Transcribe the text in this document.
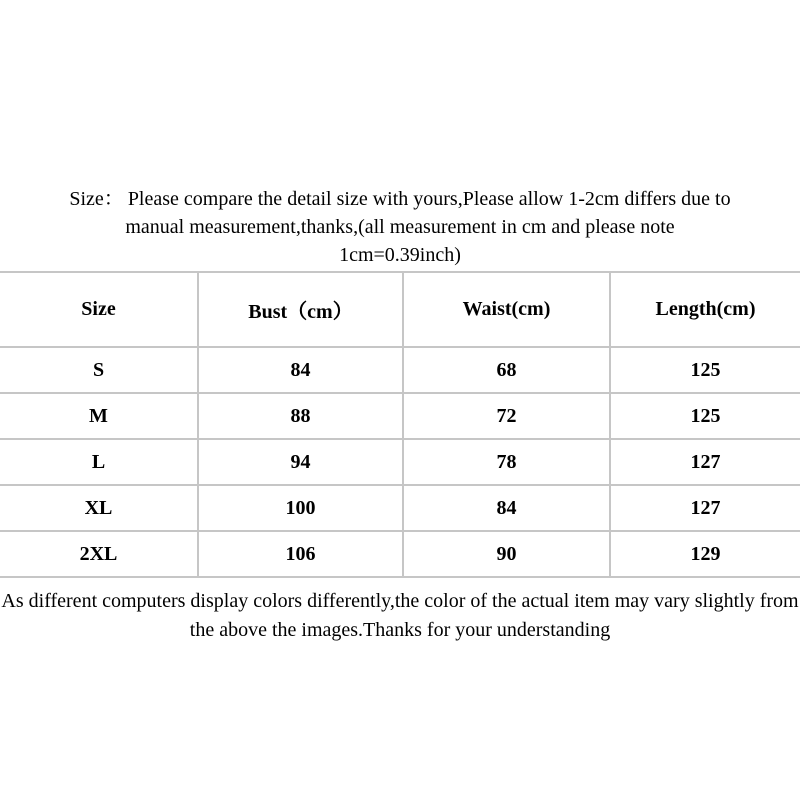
Size： Please compare the detail size with yours,Please allow 1-2cm differs due to manual measurement,thanks,(all measurement in cm and please note 1cm=0.39inch)

Size	Bust（cm）	Waist(cm)	Length(cm)
S	84	68	125
M	88	72	125
L	94	78	127
XL	100	84	127
2XL	106	90	129

As different computers display colors differently,the color of the actual item may vary slightly from the above the images.Thanks for your understanding
